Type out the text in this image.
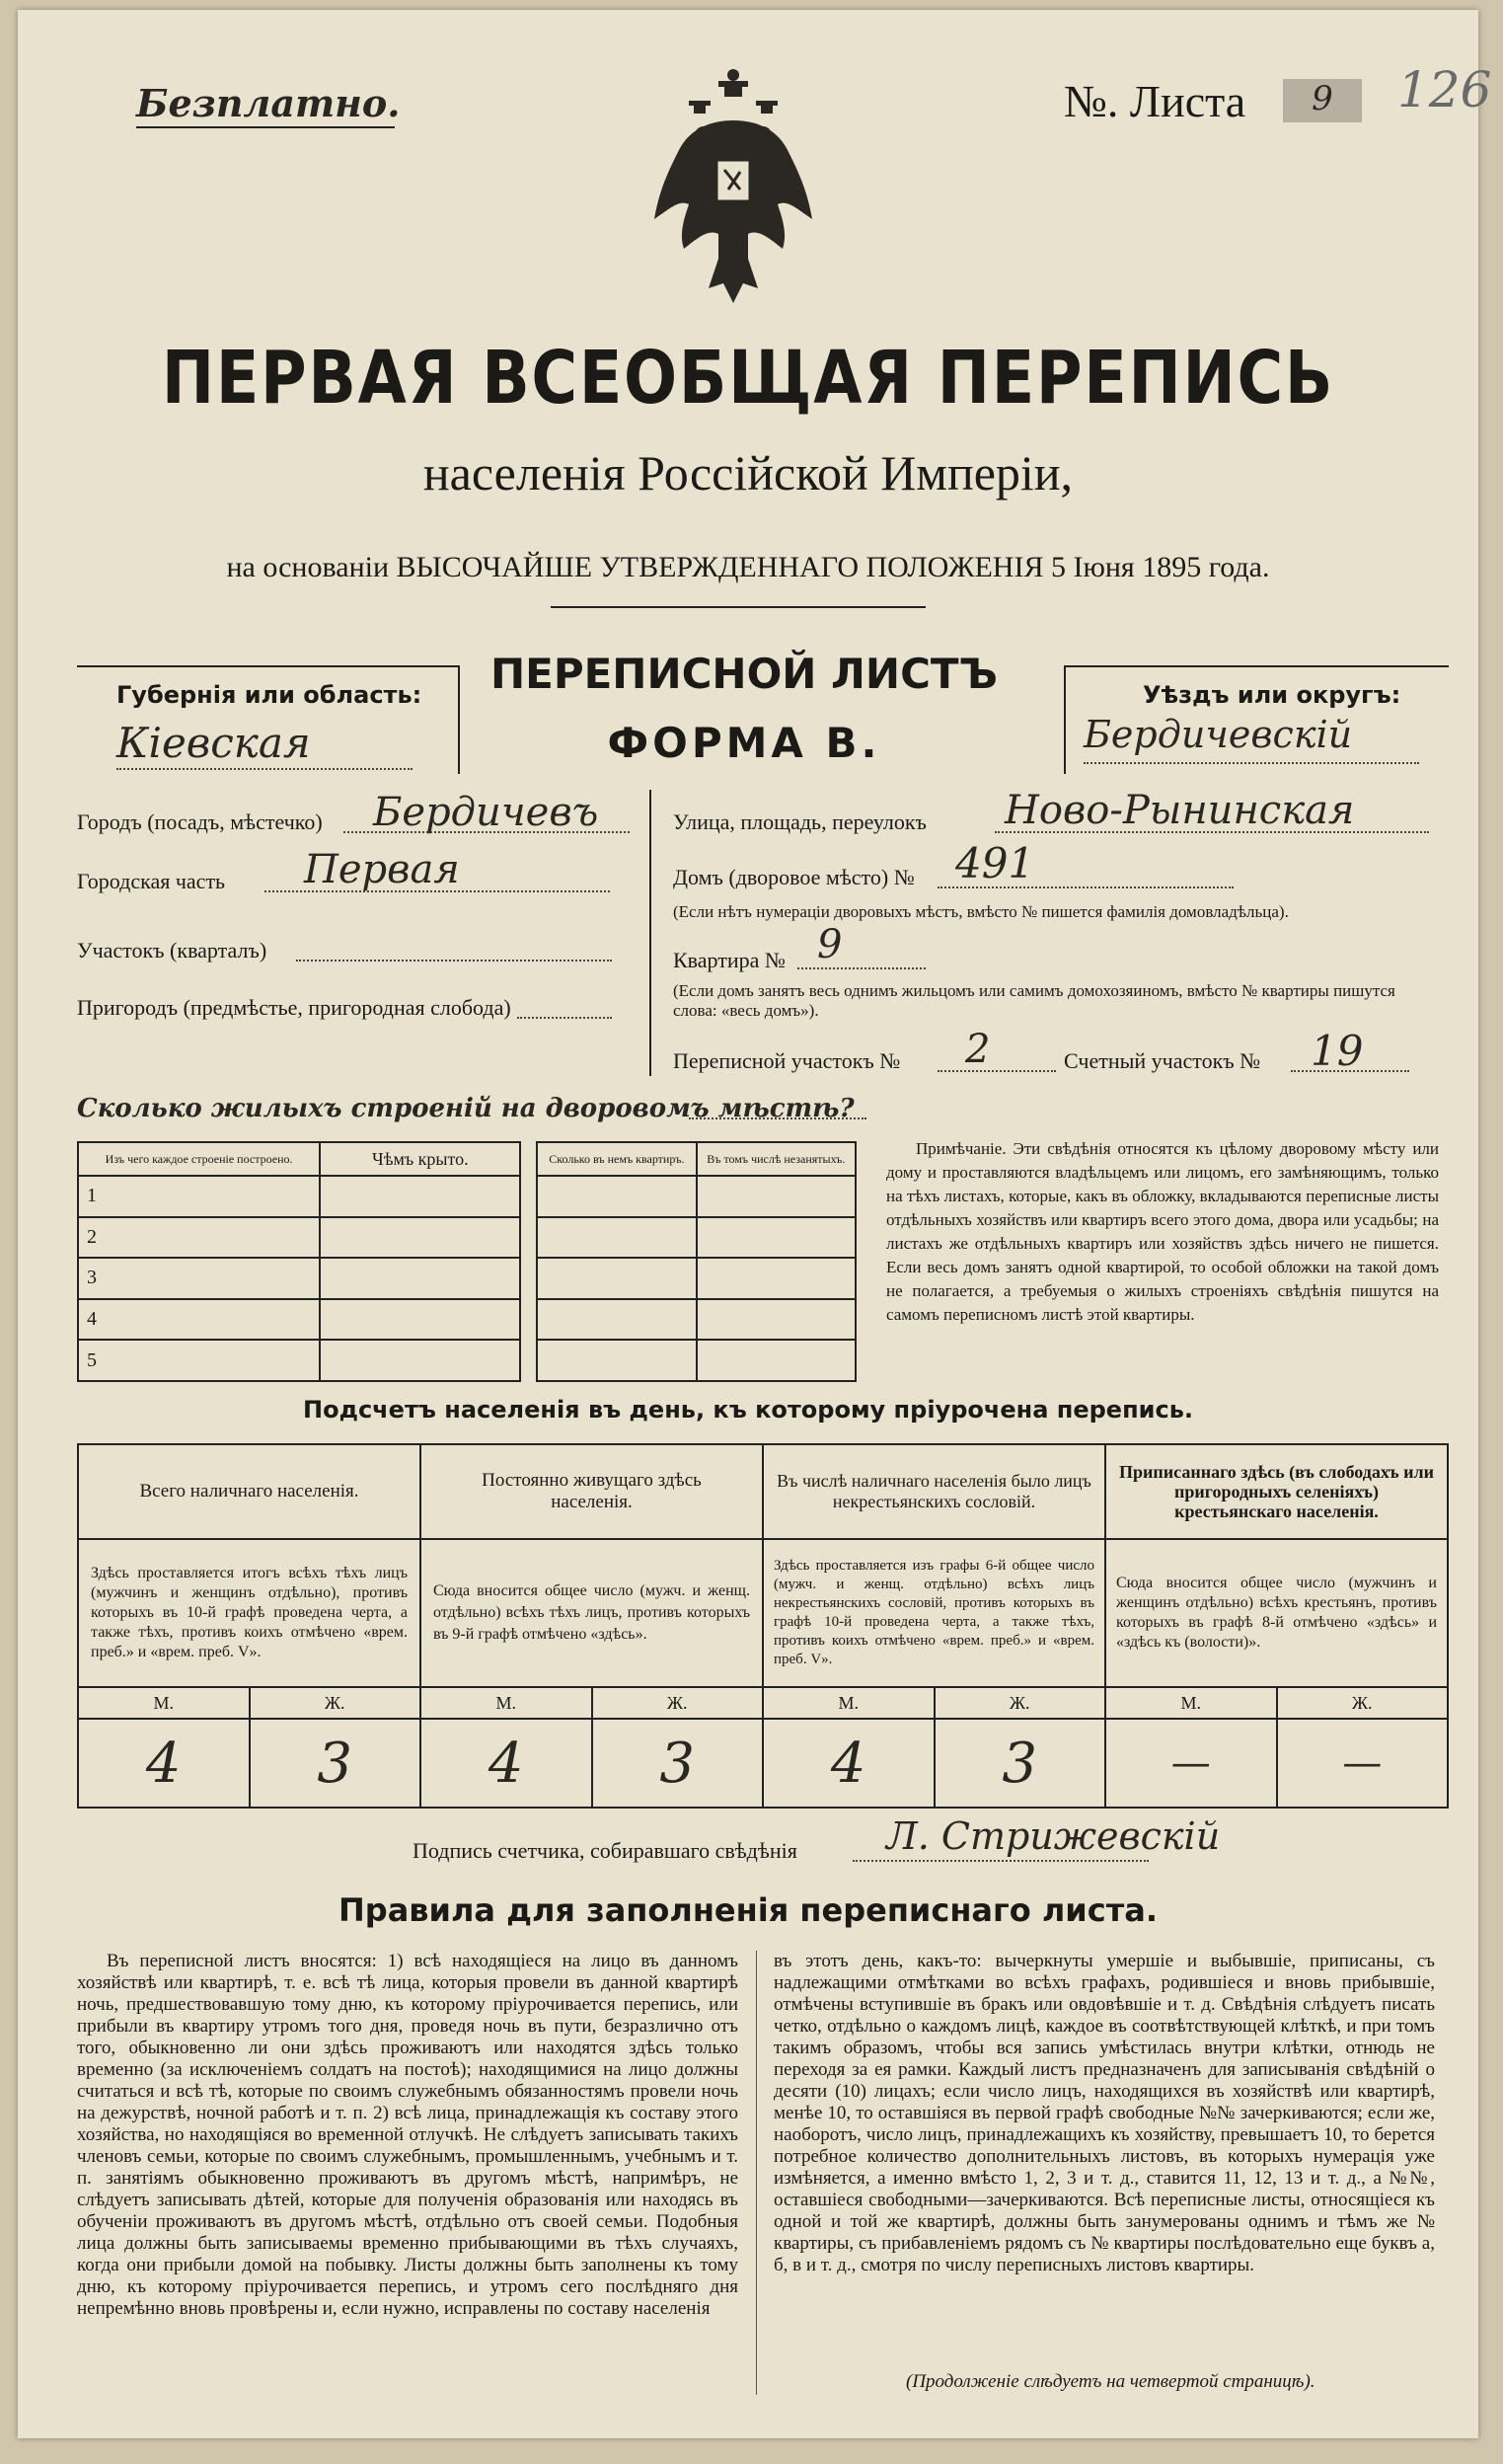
Безплатно.	№. Листа	9	126
ПЕРВАЯ ВСЕОБЩАЯ ПЕРЕПИСЬ
населенія Россійской Имперіи,
на основаніи ВЫСОЧАЙШЕ УТВЕРЖДЕННАГО ПОЛОЖЕНІЯ 5 Іюня 1895 года.
Губернія или область:
Кіевская
ПЕРЕПИСНОЙ ЛИСТЪ
ФОРМА В.
Уѣздъ или округъ:
Бердичевскій
Городъ (посадъ, мѣстечко) Бердичевъ
Городская часть Первая
Участокъ (кварталъ)
Пригородъ (предмѣстье, пригородная слобода)
Улица, площадь, переулокъ Ново-Рынинская
Домъ (дворовое мѣсто) № 491
(Если нѣтъ нумераціи дворовыхъ мѣстъ, вмѣсто № пишется фамилія домовладѣльца).
Квартира № 9
(Если домъ занятъ весь однимъ жильцомъ или самимъ домохозяиномъ, вмѣсто № квартиры пишутся слова: «весь домъ»).
Переписной участокъ № 2	Счетный участокъ № 19
Сколько жилыхъ строеній на дворовомъ мѣстѣ?
Изъ чего каждое строеніе построено.	Чѣмъ крыто.		Сколько въ немъ квартиръ.	Въ томъ числѣ незанятыхъ.
1				
2				
3				
4				
5				
Примѣчаніе. Эти свѣдѣнія относятся къ цѣлому дворовому мѣсту или дому и проставляются владѣльцемъ или лицомъ, его замѣняющимъ, только на тѣхъ листахъ, которые, какъ въ обложку, вкладываются переписные листы отдѣльныхъ хозяйствъ или квартиръ всего этого дома, двора или усадьбы; на листахъ же отдѣльныхъ квартиръ или хозяйствъ здѣсь ничего не пишется. Если весь домъ занятъ одной квартирой, то особой обложки на такой домъ не полагается, а требуемыя о жилыхъ строеніяхъ свѣдѣнія пишутся на самомъ переписномъ листѣ этой квартиры.
Подсчетъ населенія въ день, къ которому пріурочена перепись.
Всего наличнаго населенія.		Постоянно живущаго здѣсь населенія.		Въ числѣ наличнаго населенія было лицъ некрестьянскихъ сословій.		Приписаннаго здѣсь (въ слободахъ или пригородныхъ селеніяхъ) крестьянскаго населенія.	
Здѣсь проставляется итогъ всѣхъ тѣхъ лицъ (мужчинъ и женщинъ отдѣльно), противъ которыхъ въ 10-й графѣ проведена черта, а также тѣхъ, противъ коихъ отмѣчено «врем. преб.» и «врем. преб. V».		Сюда вносится общее число (мужч. и женщ. отдѣльно) всѣхъ тѣхъ лицъ, противъ которыхъ въ 9-й графѣ отмѣчено «здѣсь».		Здѣсь проставляется изъ графы 6-й общее число (мужч. и женщ. отдѣльно) всѣхъ лицъ некрестьянскихъ сословій, противъ которыхъ въ графѣ 10-й проведена черта, а также тѣхъ, противъ коихъ отмѣчено «врем. преб.» и «врем. преб. V».		Сюда вносится общее число (мужчинъ и женщинъ отдѣльно) всѣхъ крестьянъ, противъ которыхъ въ графѣ 8-й отмѣчено «здѣсь» и «здѣсь къ (волости)».	
М.	Ж.	М.	Ж.	М.	Ж.	М.	Ж.
4	3	4	3	4	3	—	—
Подпись счетчика, собиравшаго свѣдѣнія Л. Стрижевскій
Правила для заполненія переписнаго листа.
Въ переписной листъ вносятся: 1) всѣ находящіеся на лицо въ данномъ хозяйствѣ или квартирѣ, т. е. всѣ тѣ лица, которыя провели въ данной квартирѣ ночь, предшествовавшую тому дню, къ которому пріурочивается перепись, или прибыли въ квартиру утромъ того дня, проведя ночь въ пути, безразлично отъ того, обыкновенно ли они здѣсь проживаютъ или находятся здѣсь только временно (за исключеніемъ солдатъ на постоѣ); находящимися на лицо должны считаться и всѣ тѣ, которые по своимъ служебнымъ обязанностямъ провели ночь на дежурствѣ, ночной работѣ и т. п. 2) всѣ лица, принадлежащія къ составу этого хозяйства, но находящіяся во временной отлучкѣ. Не слѣдуетъ записывать такихъ членовъ семьи, которые по своимъ служебнымъ, промышленнымъ, учебнымъ и т. п. занятіямъ обыкновенно проживаютъ въ другомъ мѣстѣ, напримѣръ, не слѣдуетъ записывать дѣтей, которые для полученія образованія или находясь въ обученіи проживаютъ въ другомъ мѣстѣ, отдѣльно отъ своей семьи. Подобныя лица должны быть записываемы временно прибывающими въ тѣхъ случаяхъ, когда они прибыли домой на побывку. Листы должны быть заполнены къ тому дню, къ которому пріурочивается перепись, и утромъ сего послѣдняго дня непремѣнно вновь провѣрены и, если нужно, исправлены по составу населенія
въ этотъ день, какъ-то: вычеркнуты умершіе и выбывшіе, приписаны, съ надлежащими отмѣтками во всѣхъ графахъ, родившіеся и вновь прибывшіе, отмѣчены вступившіе въ бракъ или овдовѣвшіе и т. д. Свѣдѣнія слѣдуетъ писать четко, отдѣльно о каждомъ лицѣ, каждое въ соотвѣтствующей клѣткѣ, и при томъ такимъ образомъ, чтобы вся запись умѣстилась внутри клѣтки, отнюдь не переходя за ея рамки. Каждый листъ предназначенъ для записыванія свѣдѣній о десяти (10) лицахъ; если число лицъ, находящихся въ хозяйствѣ или квартирѣ, менѣе 10, то оставшіяся въ первой графѣ свободные №№ зачеркиваются; если же, наоборотъ, число лицъ, принадлежащихъ къ хозяйству, превышаетъ 10, то берется потребное количество дополнительныхъ листовъ, въ которыхъ нумерація уже измѣняется, а именно вмѣсто 1, 2, 3 и т. д., ставится 11, 12, 13 и т. д., а №№, оставшіеся свободными—зачеркиваются. Всѣ переписные листы, относящіеся къ одной и той же квартирѣ, должны быть занумерованы однимъ и тѣмъ же № квартиры, съ прибавленіемъ рядомъ съ № квартиры послѣдовательно еще буквъ а, б, в и т. д., смотря по числу переписныхъ листовъ квартиры.
(Продолженіе слѣдуетъ на четвертой страницѣ).
